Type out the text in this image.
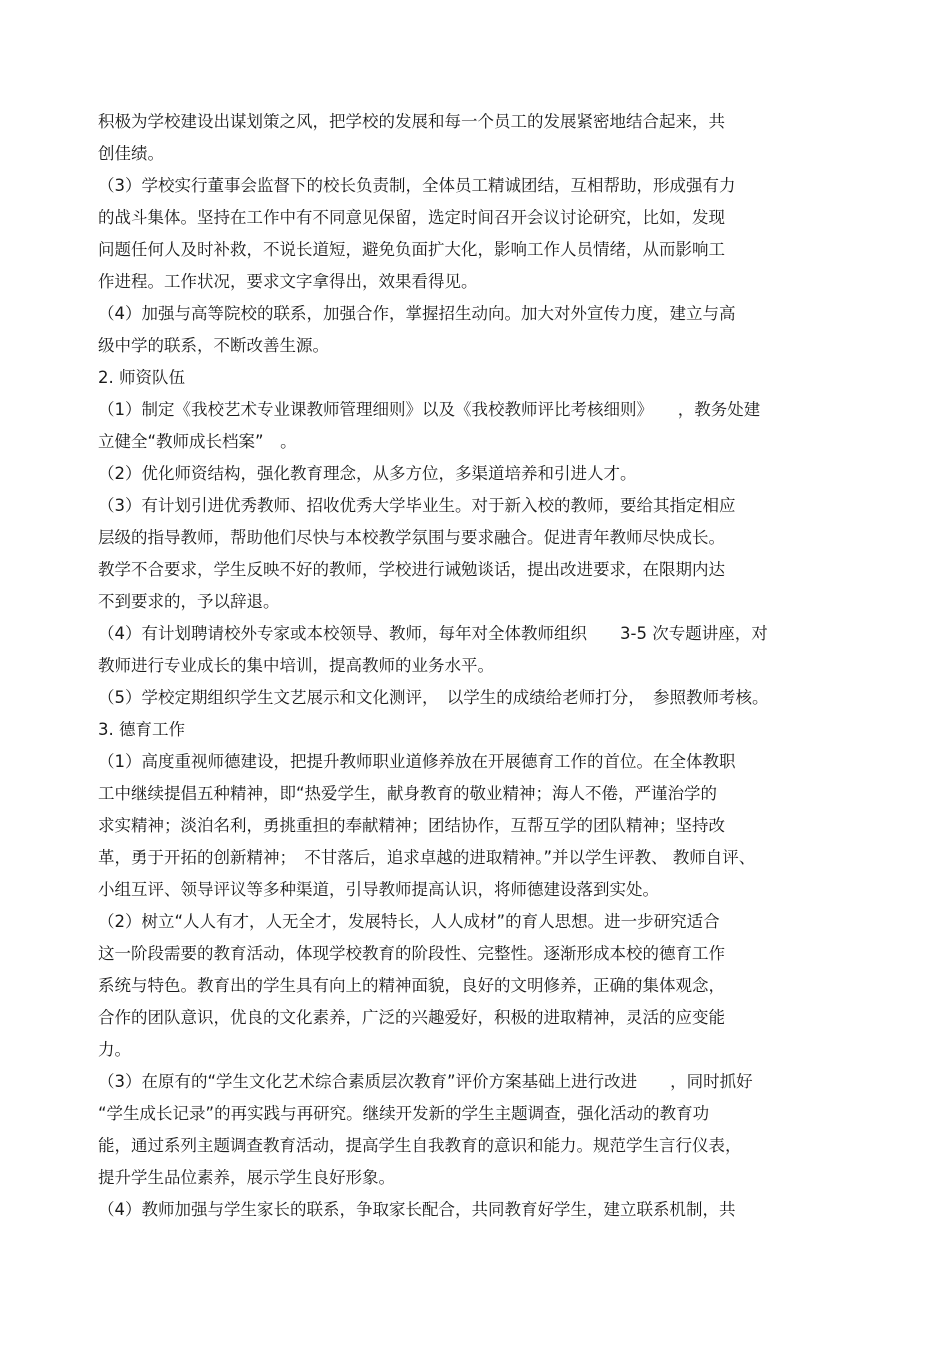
积极为学校建设出谋划策之风，把学校的发展和每一个员工的发展紧密地结合起来，共
创佳绩。
（3）学校实行董事会监督下的校长负责制，全体员工精诚团结，互相帮助，形成强有力
的战斗集体。坚持在工作中有不同意见保留，选定时间召开会议讨论研究，比如，发现
问题任何人及时补救，不说长道短，避免负面扩大化，影响工作人员情绪，从而影响工
作进程。工作状况，要求文字拿得出，效果看得见。
（4）加强与高等院校的联系，加强合作，掌握招生动向。加大对外宣传力度，建立与高
级中学的联系，不断改善生源。
2. 师资队伍
（1）制定《我校艺术专业课教师管理细则》以及《我校教师评比考核细则》　　，教务处建
立健全“教师成长档案”　。
（2）优化师资结构，强化教育理念，从多方位，多渠道培养和引进人才。
（3）有计划引进优秀教师、招收优秀大学毕业生。对于新入校的教师，要给其指定相应
层级的指导教师，帮助他们尽快与本校教学氛围与要求融合。促进青年教师尽快成长。
教学不合要求，学生反映不好的教师，学校进行诫勉谈话，提出改进要求，在限期内达
不到要求的，予以辞退。
（4）有计划聘请校外专家或本校领导、教师，每年对全体教师组织　　3-5 次专题讲座，对
教师进行专业成长的集中培训，提高教师的业务水平。
（5）学校定期组织学生文艺展示和文化测评，　以学生的成绩给老师打分，　参照教师考核。
3. 德育工作
（1）高度重视师德建设，把提升教师职业道修养放在开展德育工作的首位。在全体教职
工中继续提倡五种精神，即“热爱学生，献身教育的敬业精神；海人不倦，严谨治学的
求实精神；淡泊名利，勇挑重担的奉献精神；团结协作，互帮互学的团队精神；坚持改
革，勇于开拓的创新精神；　不甘落后，追求卓越的进取精神。”并以学生评教、 教师自评、
小组互评、领导评议等多种渠道，引导教师提高认识，将师德建设落到实处。
（2）树立“人人有才，人无全才，发展特长，人人成材”的育人思想。进一步研究适合
这一阶段需要的教育活动，体现学校教育的阶段性、完整性。逐渐形成本校的德育工作
系统与特色。教育出的学生具有向上的精神面貌，良好的文明修养，正确的集体观念，
合作的团队意识，优良的文化素养，广泛的兴趣爱好，积极的进取精神，灵活的应变能
力。
（3）在原有的“学生文化艺术综合素质层次教育”评价方案基础上进行改进　　，同时抓好
“学生成长记录”的再实践与再研究。继续开发新的学生主题调查，强化活动的教育功
能，通过系列主题调查教育活动，提高学生自我教育的意识和能力。规范学生言行仪表，
提升学生品位素养，展示学生良好形象。
（4）教师加强与学生家长的联系，争取家长配合，共同教育好学生，建立联系机制，共
